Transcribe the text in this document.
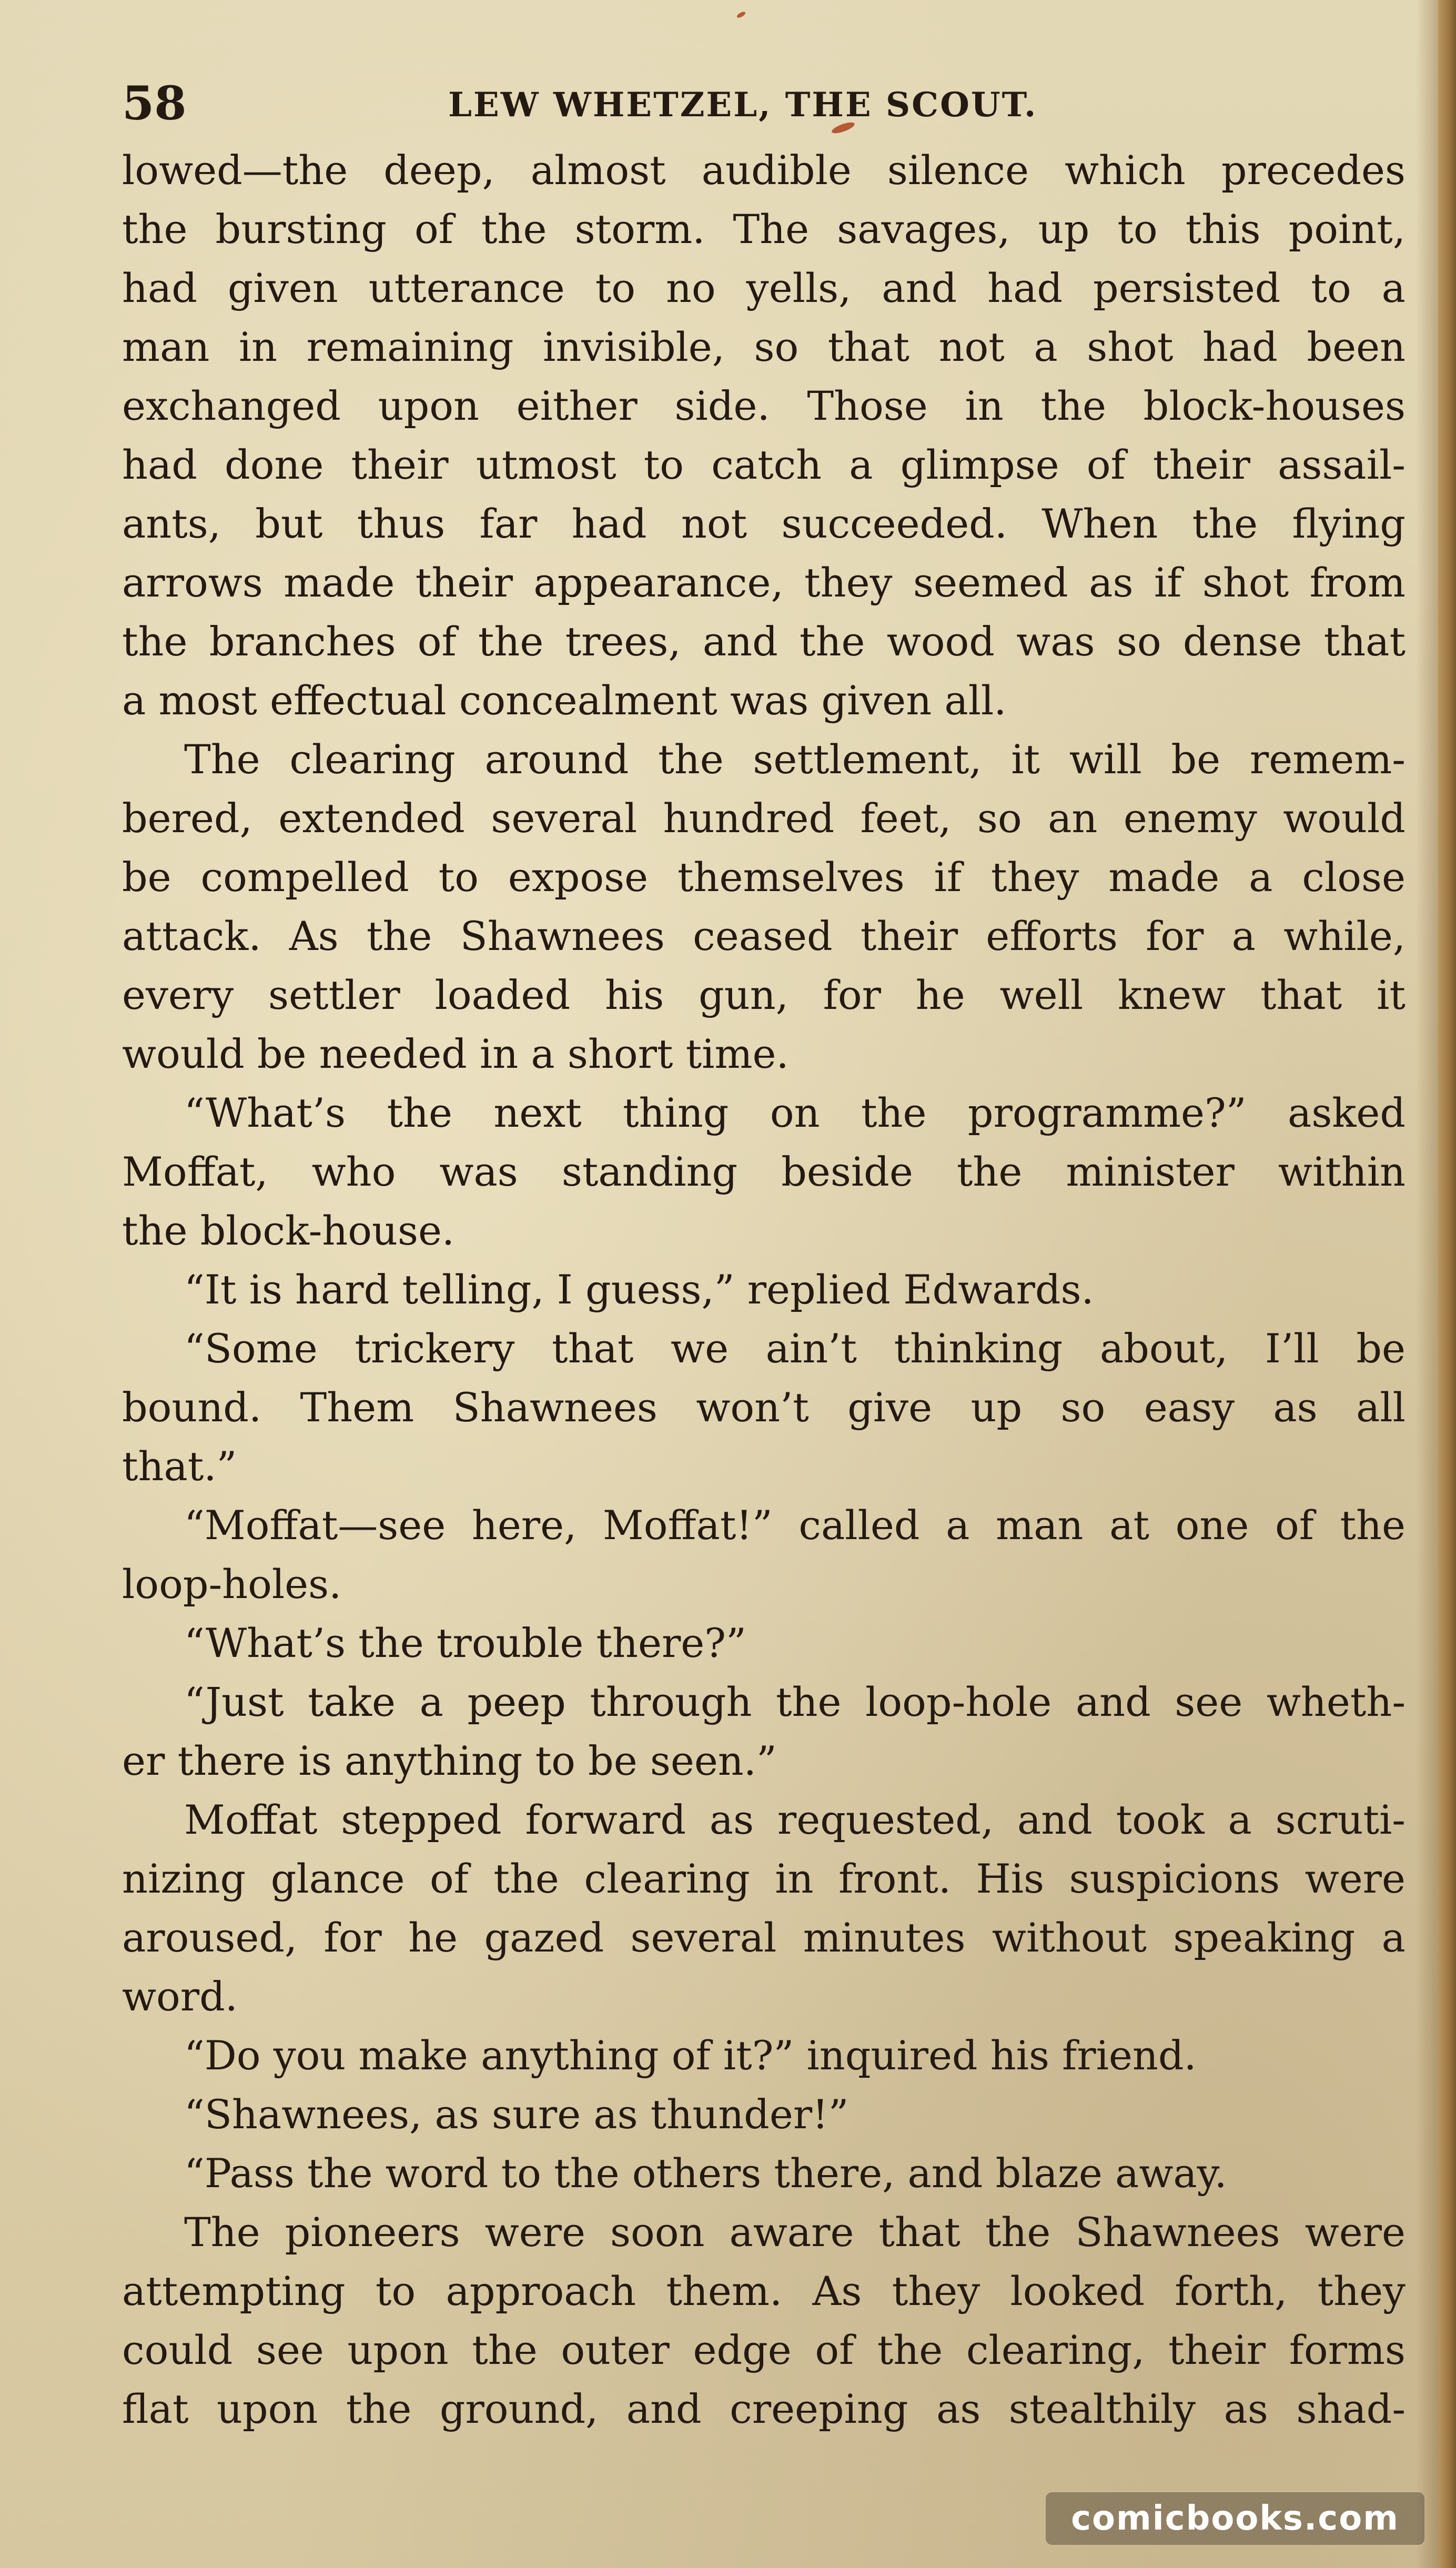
58	LEW WHETZEL, THE SCOUT.
lowed—the deep, almost audible silence which precedes
the bursting of the storm. The savages, up to this point,
had given utterance to no yells, and had persisted to a
man in remaining invisible, so that not a shot had been
exchanged upon either side. Those in the block-houses
had done their utmost to catch a glimpse of their assail-
ants, but thus far had not succeeded. When the flying
arrows made their appearance, they seemed as if shot from
the branches of the trees, and the wood was so dense that
a most effectual concealment was given all.
The clearing around the settlement, it will be remem-
bered, extended several hundred feet, so an enemy would
be compelled to expose themselves if they made a close
attack. As the Shawnees ceased their efforts for a while,
every settler loaded his gun, for he well knew that it
would be needed in a short time.
“What’s the next thing on the programme?” asked
Moffat, who was standing beside the minister within
the block-house.
“It is hard telling, I guess,” replied Edwards.
“Some trickery that we ain’t thinking about, I’ll be
bound. Them Shawnees won’t give up so easy as all
that.”
“Moffat—see here, Moffat!” called a man at one of the
loop-holes.
“What’s the trouble there?”
“Just take a peep through the loop-hole and see wheth-
er there is anything to be seen.”
Moffat stepped forward as requested, and took a scruti-
nizing glance of the clearing in front. His suspicions were
aroused, for he gazed several minutes without speaking a
word.
“Do you make anything of it?” inquired his friend.
“Shawnees, as sure as thunder!”
“Pass the word to the others there, and blaze away.
The pioneers were soon aware that the Shawnees were
attempting to approach them. As they looked forth, they
could see upon the outer edge of the clearing, their forms
flat upon the ground, and creeping as stealthily as shad-
comicbooks.com
